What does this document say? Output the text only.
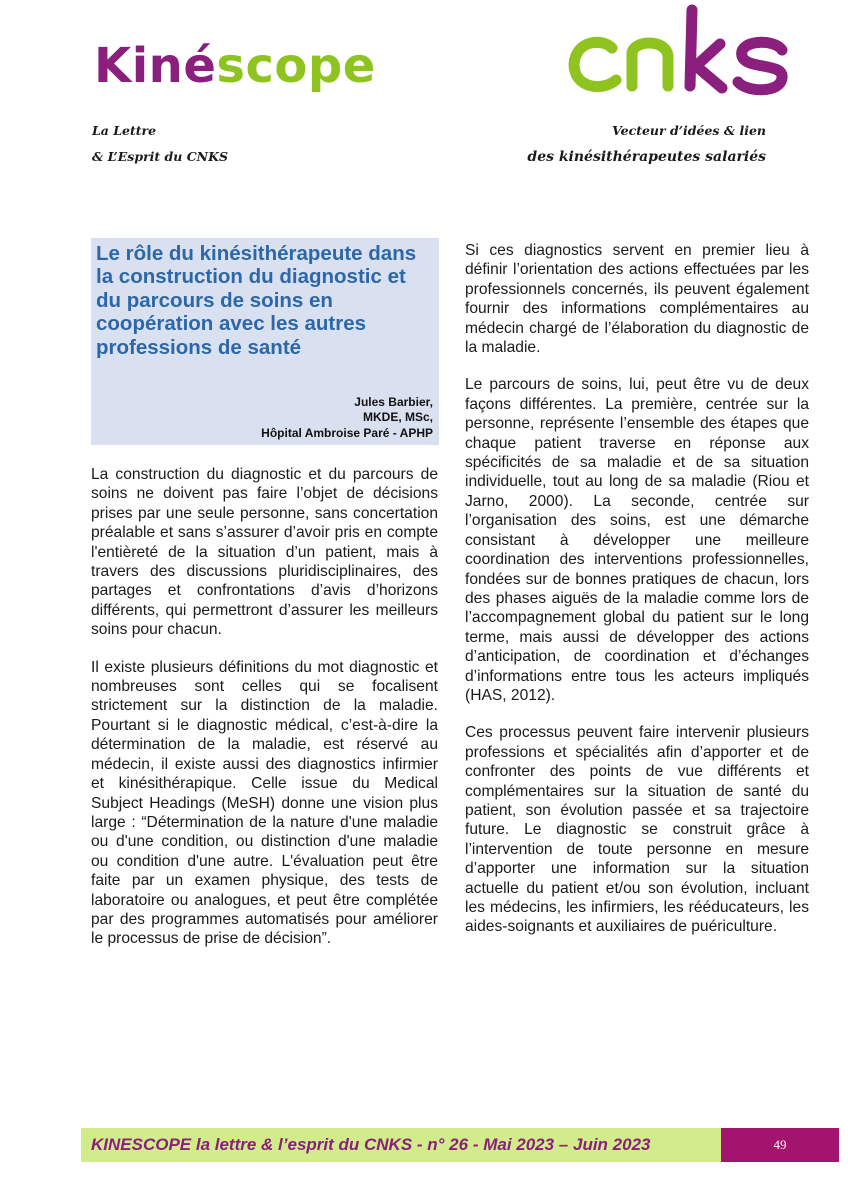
Kinéscope
La Lettre
& L’Esprit du CNKS
Vecteur d’idées & lien
des kinésithérapeutes salariés
Le rôle du kinésithérapeute dans la construction du diagnostic et du parcours de soins en coopération avec les autres professions de santé
Jules Barbier,
MKDE, MSc,
Hôpital Ambroise Paré - APHP

La construction du diagnostic et du parcours de soins ne doivent pas faire l’objet de décisions prises par une seule personne, sans concertation préalable et sans s’assurer d’avoir pris en compte l'entièreté de la situation d’un patient, mais à travers des discussions pluridisciplinaires, des partages et confrontations d’avis d’horizons différents, qui permettront d’assurer les meilleurs soins pour chacun.

Il existe plusieurs définitions du mot diagnostic et nombreuses sont celles qui se focalisent strictement sur la distinction de la maladie. Pourtant si le diagnostic médical, c’est-à-dire la détermination de la maladie, est réservé au médecin, il existe aussi des diagnostics infirmier et kinésithérapique. Celle issue du Medical Subject Headings (MeSH) donne une vision plus large : “Détermination de la nature d'une maladie ou d'une condition, ou distinction d'une maladie ou condition d'une autre. L'évaluation peut être faite par un examen physique, des tests de laboratoire ou analogues, et peut être complétée par des programmes automatisés pour améliorer le processus de prise de décision”.

Si ces diagnostics servent en premier lieu à définir l’orientation des actions effectuées par les professionnels concernés, ils peuvent également fournir des informations complémentaires au médecin chargé de l’élaboration du diagnostic de la maladie.

Le parcours de soins, lui, peut être vu de deux façons différentes. La première, centrée sur la personne, représente l’ensemble des étapes que chaque patient traverse en réponse aux spécificités de sa maladie et de sa situation individuelle, tout au long de sa maladie (Riou et Jarno, 2000). La seconde, centrée sur l’organisation des soins, est une démarche consistant à développer une meilleure coordination des interventions professionnelles, fondées sur de bonnes pratiques de chacun, lors des phases aiguës de la maladie comme lors de l’accompagnement global du patient sur le long terme, mais aussi de développer des actions d’anticipation, de coordination et d’échanges d’informations entre tous les acteurs impliqués (HAS, 2012).

Ces processus peuvent faire intervenir plusieurs professions et spécialités afin d’apporter et de confronter des points de vue différents et complémentaires sur la situation de santé du patient, son évolution passée et sa trajectoire future. Le diagnostic se construit grâce à l’intervention de toute personne en mesure d’apporter une information sur la situation actuelle du patient et/ou son évolution, incluant les médecins, les infirmiers, les rééducateurs, les aides-soignants et auxiliaires de puériculture.

KINESCOPE la lettre & l’esprit du CNKS - n° 26 - Mai 2023 – Juin 2023	49
